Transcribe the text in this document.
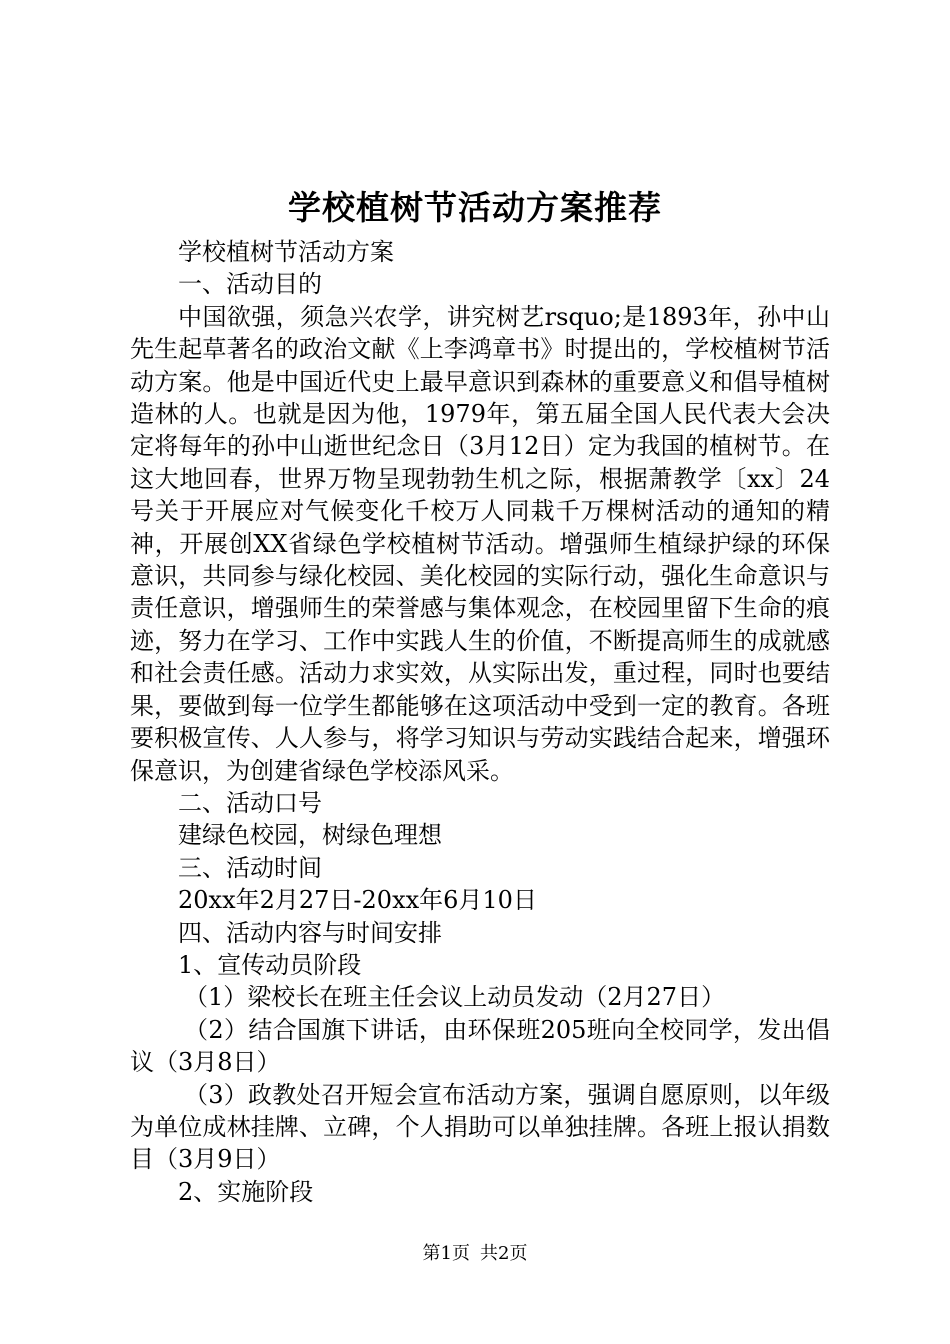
学校植树节活动方案推荐

学校植树节活动方案

一、活动目的

中国欲强，须急兴农学，讲究树艺rsquo;是1893年，孙中山先生起草著名的政治文献《上李鸿章书》时提出的，学校植树节活动方案。他是中国近代史上最早意识到森林的重要意义和倡导植树造林的人。也就是因为他，1979年，第五届全国人民代表大会决定将每年的孙中山逝世纪念日（3月12日）定为我国的植树节。在这大地回春，世界万物呈现勃勃生机之际，根据萧教学〔xx〕24号关于开展应对气候变化千校万人同栽千万棵树活动的通知的精神，开展创XX省绿色学校植树节活动。增强师生植绿护绿的环保意识，共同参与绿化校园、美化校园的实际行动，强化生命意识与责任意识，增强师生的荣誉感与集体观念，在校园里留下生命的痕迹，努力在学习、工作中实践人生的价值，不断提高师生的成就感和社会责任感。活动力求实效，从实际出发，重过程，同时也要结果，要做到每一位学生都能够在这项活动中受到一定的教育。各班要积极宣传、人人参与，将学习知识与劳动实践结合起来，增强环保意识，为创建省绿色学校添风采。

二、活动口号

建绿色校园，树绿色理想

三、活动时间

20xx年2月27日-20xx年6月10日

四、活动内容与时间安排

1、宣传动员阶段

（1）梁校长在班主任会议上动员发动（2月27日）

（2）结合国旗下讲话，由环保班205班向全校同学，发出倡议（3月8日）

（3）政教处召开短会宣布活动方案，强调自愿原则，以年级为单位成林挂牌、立碑，个人捐助可以单独挂牌。各班上报认捐数目（3月9日）

2、实施阶段

第1页 共2页
